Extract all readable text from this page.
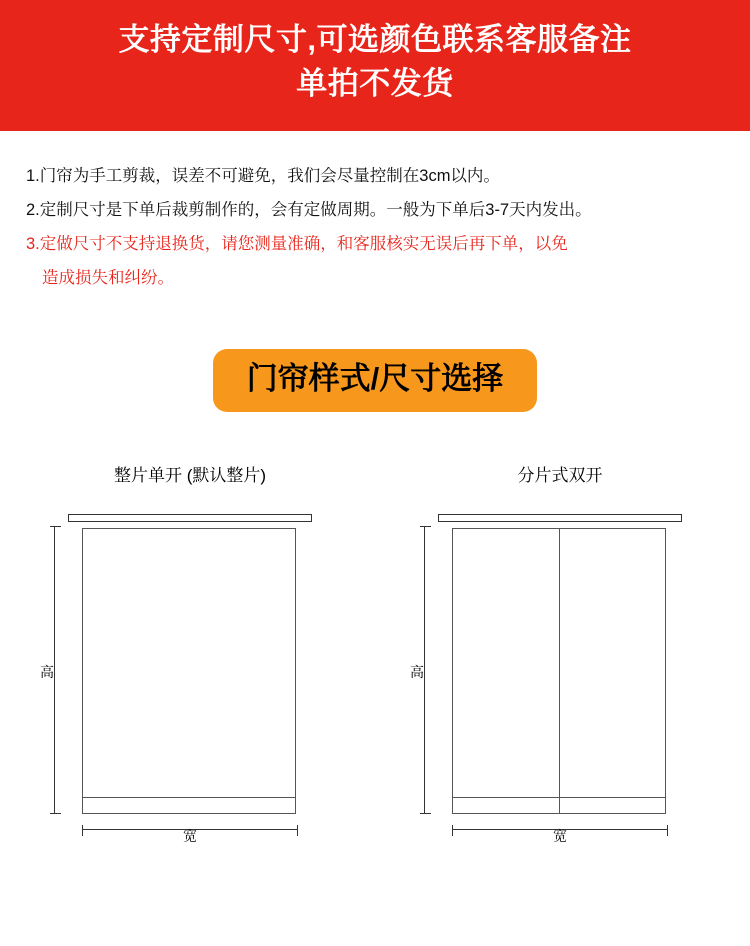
支持定制尺寸,可选颜色联系客服备注
单拍不发货
1. 门帘为手工剪裁，误差不可避免，我们会尽量控制在3cm以内。
2. 定制尺寸是下单后裁剪制作的，会有定做周期。一般为下单后3-7天内发出。
3. 定做尺寸不支持退换货，请您测量准确，和客服核实无误后再下单，以免
造成损失和纠纷。
门帘样式/尺寸选择
整片单开 (默认整片)
高
宽
分片式双开
高
宽
